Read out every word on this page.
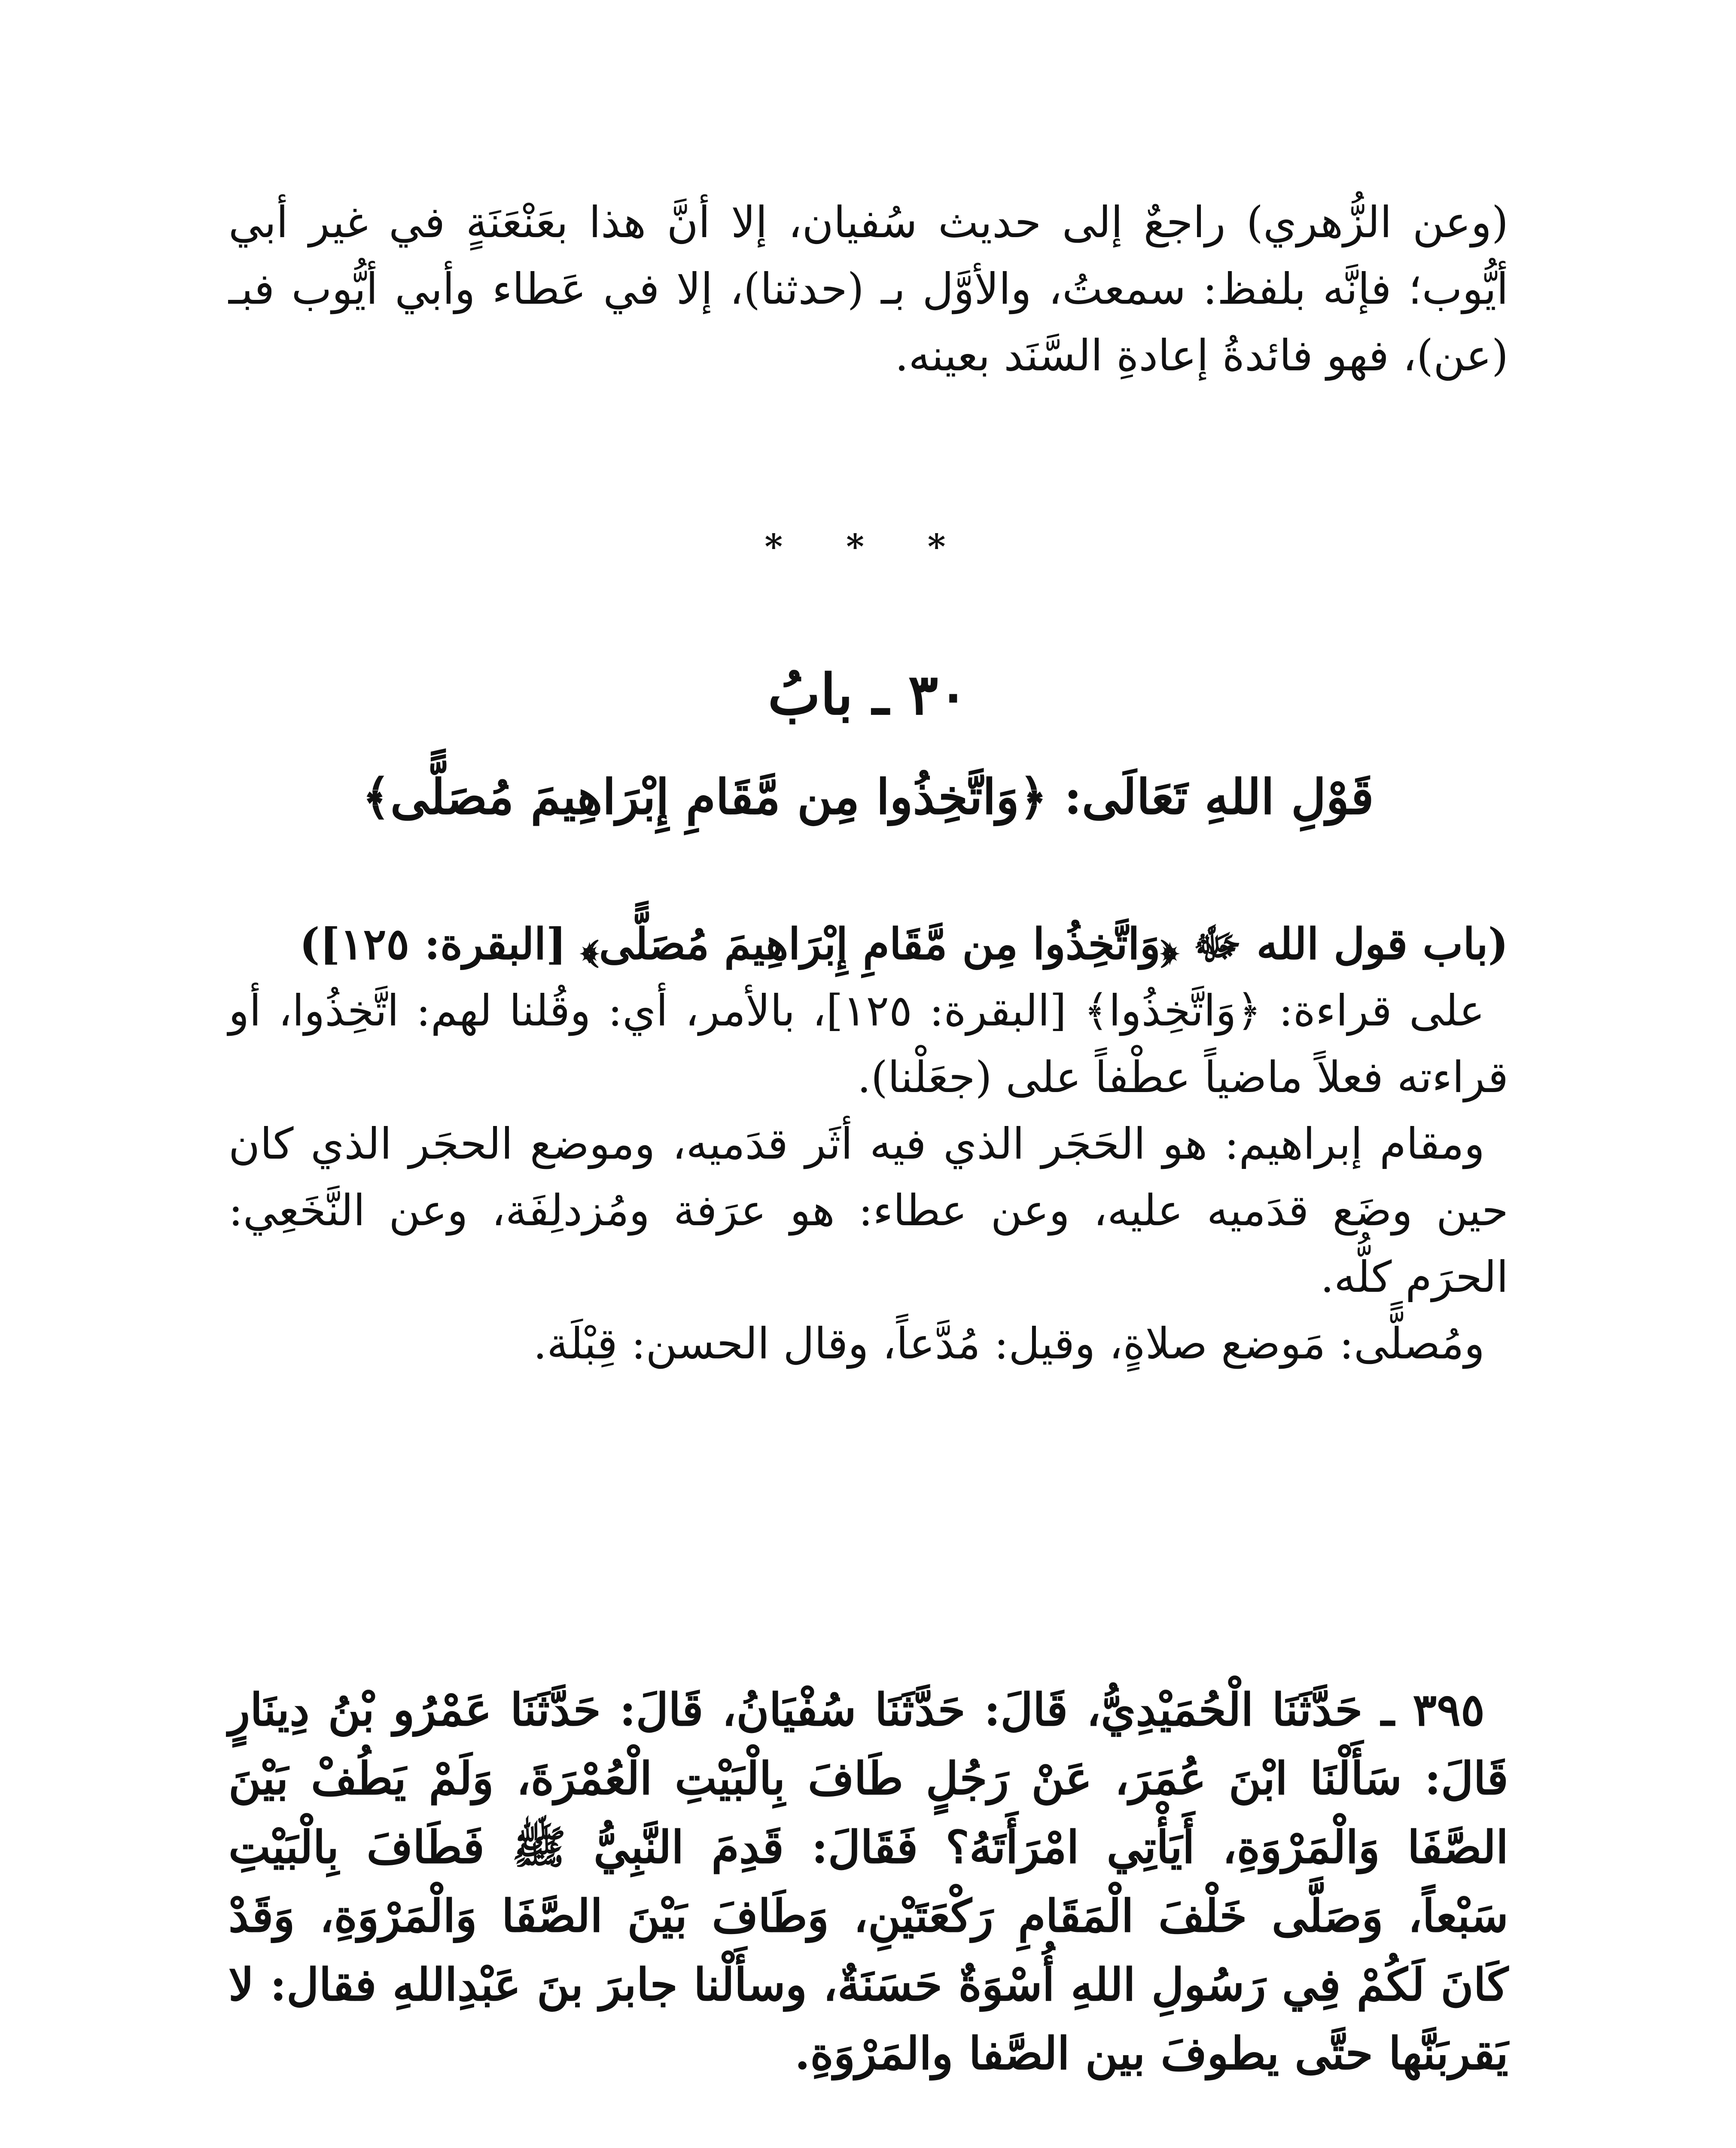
(وعن الزُّهري) راجعٌ إلى حديث سُفيان، إلا أنَّ هذا بعَنْعَنَةٍ في غير أبي أيُّوب؛ فإنَّه بلفظ: سمعتُ، والأوَّل بـ (حدثنا)، إلا في عَطاء وأبي أيُّوب فبـ (عن)، فهو فائدةُ إعادةِ السَّنَد بعينه.

* * *
٣٠ ـ بابُ
قَوْلِ اللهِ تَعَالَى: ﴿وَاتَّخِذُوا مِن مَّقَامِ إِبْرَاهِيمَ مُصَلًّى﴾

(باب قول الله ﷻ ﴿وَاتَّخِذُوا مِن مَّقَامِ إِبْرَاهِيمَ مُصَلًّى﴾ [البقرة: ١٢٥])

على قراءة: ﴿وَاتَّخِذُوا﴾ [البقرة: ١٢٥]، بالأمر، أي: وقُلنا لهم: اتَّخِذُوا، أو قراءته فعلاً ماضياً عطْفاً على (جعَلْنا).

ومقام إبراهيم: هو الحَجَر الذي فيه أثَر قدَميه، وموضع الحجَر الذي كان حين وضَع قدَميه عليه، وعن عطاء: هو عرَفة ومُزدلِفَة، وعن النَّخَعِي: الحرَم كلُّه.

ومُصلًّى: مَوضع صلاةٍ، وقيل: مُدَّعاً، وقال الحسن: قِبْلَة.

٣٩٥ ـ حَدَّثَنَا الْحُمَيْدِيُّ، قَالَ: حَدَّثَنَا سُفْيَانُ، قَالَ: حَدَّثَنَا عَمْرُو بْنُ دِينَارٍ قَالَ: سَأَلْنَا ابْنَ عُمَرَ، عَنْ رَجُلٍ طَافَ بِالْبَيْتِ الْعُمْرَةَ، وَلَمْ يَطُفْ بَيْنَ الصَّفَا وَالْمَرْوَةِ، أَيَأْتِي امْرَأَتَهُ؟ فَقَالَ: قَدِمَ النَّبِيُّ ﷺ فَطَافَ بِالْبَيْتِ سَبْعاً، وَصَلَّى خَلْفَ الْمَقَامِ رَكْعَتَيْنِ، وَطَافَ بَيْنَ الصَّفَا وَالْمَرْوَةِ، وَقَدْ كَانَ لَكُمْ فِي رَسُولِ اللهِ أُسْوَةٌ حَسَنَةٌ، وسأَلْنا جابرَ بنَ عَبْدِاللهِ فقال: لا يَقربَنَّها حتَّى يطوفَ بين الصَّفا والمَرْوَةِ.
